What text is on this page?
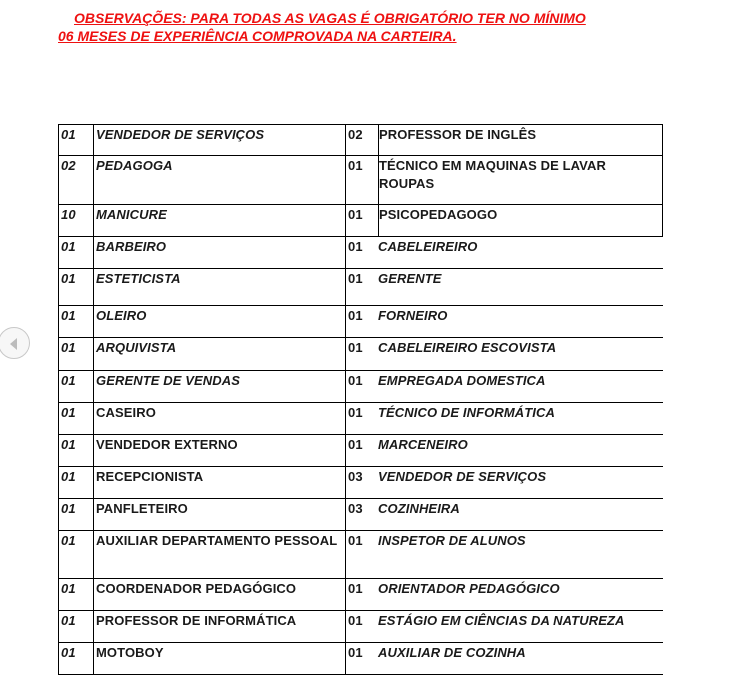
OBSERVAÇÕES: PARA TODAS AS VAGAS É OBRIGATÓRIO TER NO MÍNIMO
06 MESES DE EXPERIÊNCIA COMPROVADA NA CARTEIRA.

01	VENDEDOR DE SERVIÇOS	02	PROFESSOR DE INGLÊS
02	PEDAGOGA	01	TÉCNICO EM MAQUINAS DE LAVAR ROUPAS
10	MANICURE	01	PSICOPEDAGOGO
01	BARBEIRO	01	CABELEIREIRO
01	ESTETICISTA	01	GERENTE
01	OLEIRO	01	FORNEIRO
01	ARQUIVISTA	01	CABELEIREIRO ESCOVISTA
01	GERENTE DE VENDAS	01	EMPREGADA DOMESTICA
01	CASEIRO	01	TÉCNICO DE INFORMÁTICA
01	VENDEDOR EXTERNO	01	MARCENEIRO
01	RECEPCIONISTA	03	VENDEDOR DE SERVIÇOS
01	PANFLETEIRO	03	COZINHEIRA
01	AUXILIAR DEPARTAMENTO PESSOAL 01	INSPETOR DE ALUNOS
01	COORDENADOR PEDAGÓGICO	01	ORIENTADOR PEDAGÓGICO
01	PROFESSOR DE INFORMÁTICA	01	ESTÁGIO EM CIÊNCIAS DA NATUREZA
01	MOTOBOY	01	AUXILIAR DE COZINHA
